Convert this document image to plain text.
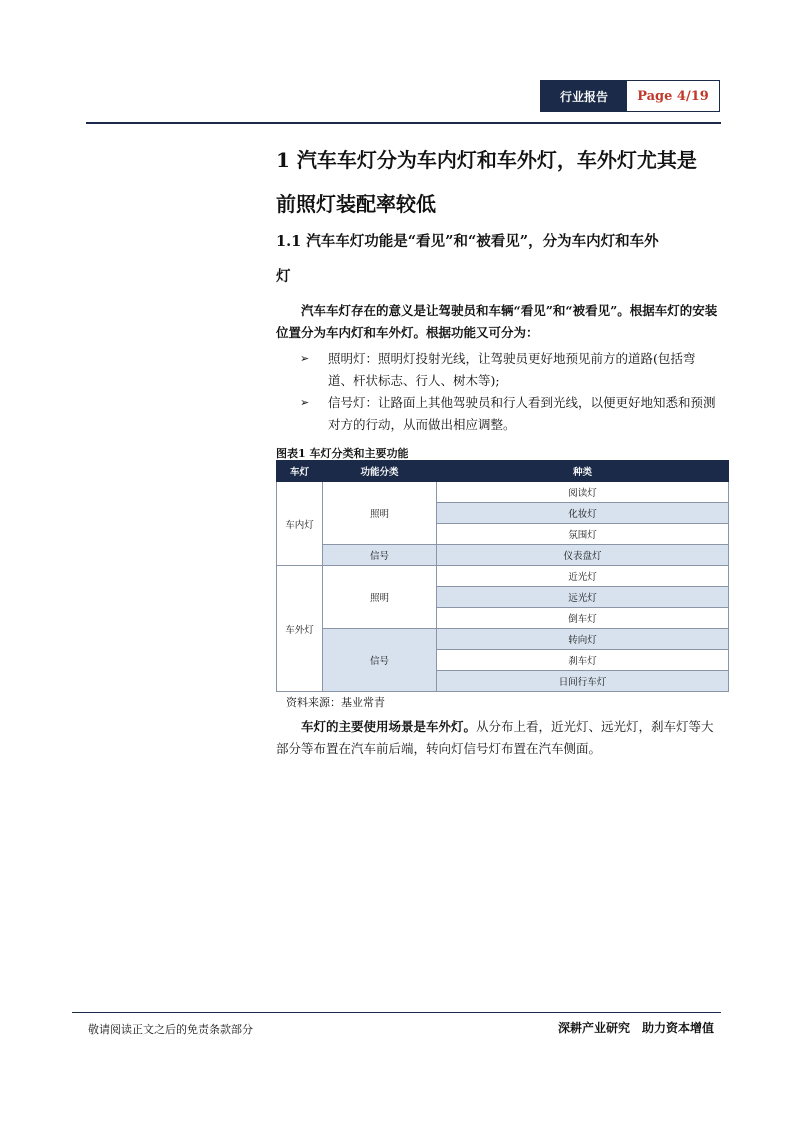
行业报告	Page 4/19
1 汽车车灯分为车内灯和车外灯，车外灯尤其是
前照灯装配率较低
1.1 汽车车灯功能是“看见”和“被看见”，分为车内灯和车外
灯
汽车车灯存在的意义是让驾驶员和车辆“看见”和“被看见”。根据车灯的安装位置分为车内灯和车外灯。根据功能又可分为：
➢	照明灯：照明灯投射光线，让驾驶员更好地预见前方的道路(包括弯道、杆状标志、行人、树木等);
➢	信号灯：让路面上其他驾驶员和行人看到光线，以便更好地知悉和预测对方的行动，从而做出相应调整。
图表1 车灯分类和主要功能
车灯	功能分类	种类
车内灯	照明	阅读灯
		化妆灯
		氛围灯
	信号	仪表盘灯
车外灯	照明	近光灯
		远光灯
		倒车灯
	信号	转向灯
		刹车灯
		日间行车灯
资料来源：基业常青
车灯的主要使用场景是车外灯。从分布上看，近光灯、远光灯，刹车灯等大部分等布置在汽车前后端，转向灯信号灯布置在汽车侧面。
敬请阅读正文之后的免责条款部分	深耕产业研究　助力资本增值
